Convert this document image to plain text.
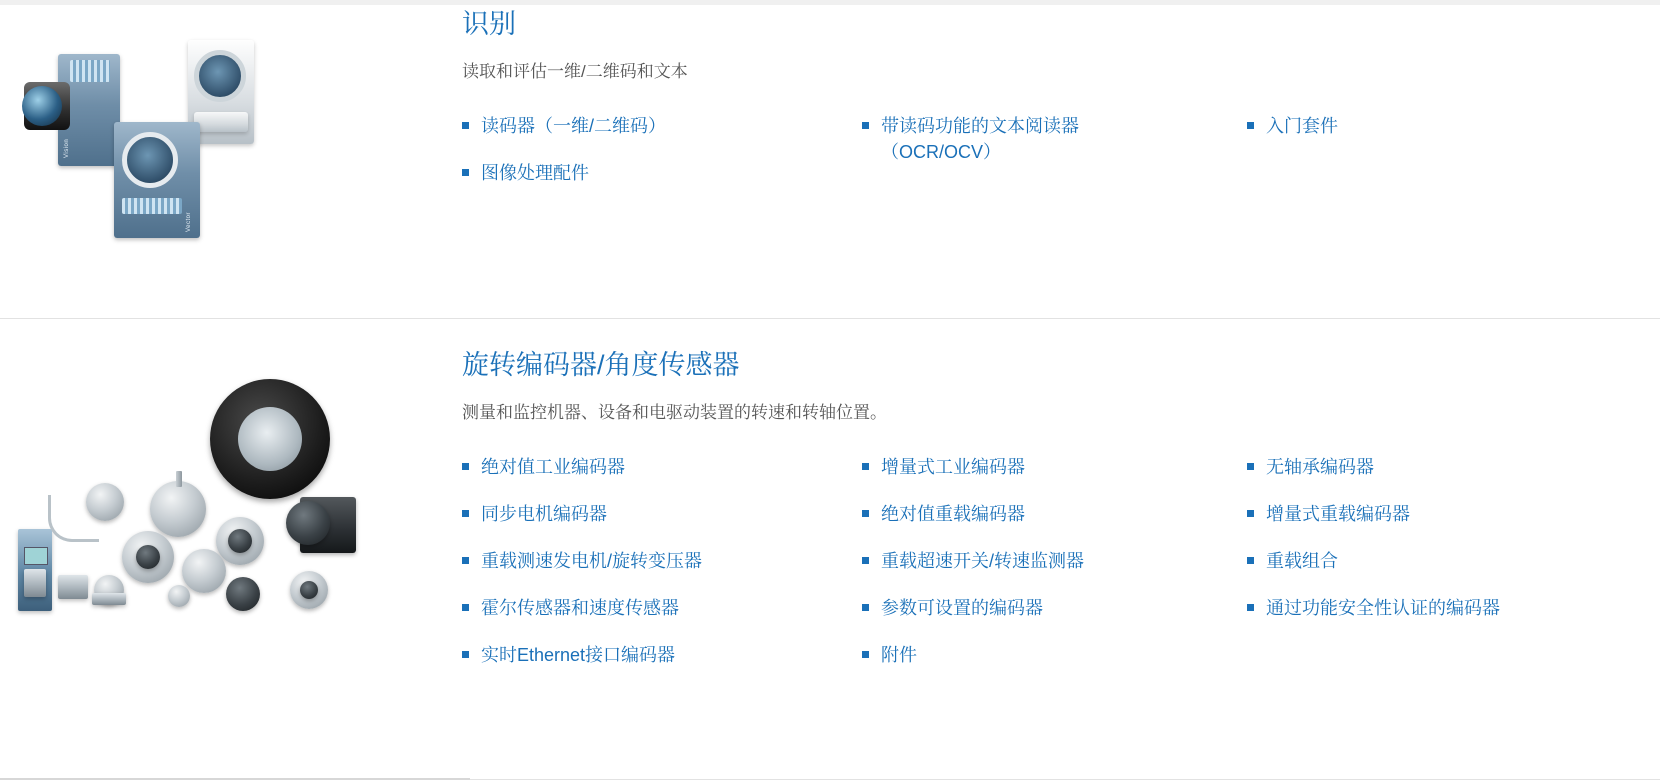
Vision
Vector
识别

读取和评估一维/二维码和文本

读码器（一维/二维码）
图像处理配件
带读码功能的文本阅读器（OCR/OCV）
入门套件
旋转编码器/角度传感器

测量和监控机器、设备和电驱动装置的转速和转轴位置。

绝对值工业编码器
同步电机编码器
重载测速发电机/旋转变压器
霍尔传感器和速度传感器
实时Ethernet接口编码器
增量式工业编码器
绝对值重载编码器
重载超速开关/转速监测器
参数可设置的编码器
附件
无轴承编码器
增量式重载编码器
重载组合
通过功能安全性认证的编码器
